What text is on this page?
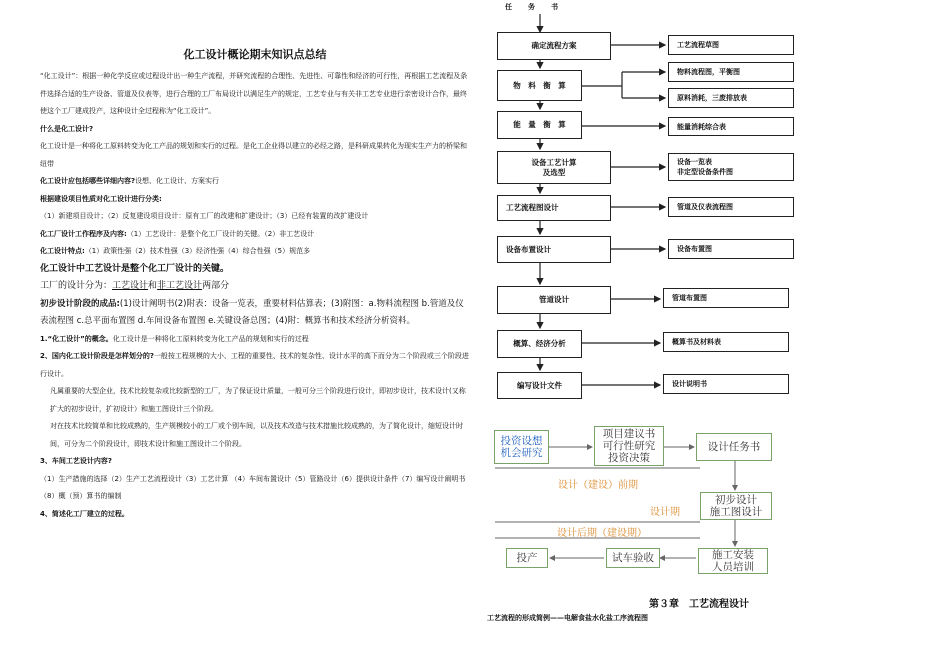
化工设计概论期末知识点总结

“化工设计”：根据一种化学反应或过程设计出一种生产流程，并研究流程的合理性、先进性、可靠性和经济的可行性，再根据工艺流程及条件选择合适的生产设备、管道及仪表等，进行合理的工厂布局设计以满足生产的规定，工艺专业与有关非工艺专业进行亲密设计合作，最终使这个工厂建成投产，这种设计全过程称为“化工设计”。

什么是化工设计?

化工设计是一种将化工原料转变为化工产品的规划和实行的过程。是化工企业得以建立的必经之路，是科研成果转化为现实生产力的桥梁和纽带

化工设计应包括哪些详细内容?设想、化工设计、方案实行

根据建设项目性质对化工设计进行分类:

（1）新建项目设计；（2）反复建设项目设计：原有工厂的改建和扩建设计；（3）已经有装置的改扩建设计

化工厂设计工作程序及内容:（1）工艺设计：是整个化工厂设计的关键。（2）非工艺设计

化工设计特点:（1）政策性强（2）技术性强（3）经济性强（4）综合性强（5）规范多

化工设计中工艺设计是整个化工厂设计的关键。

工厂的设计分为：工艺设计和非工艺设计两部分

初步设计阶段的成品:(1)设计阐明书(2)附表：设备一览表，重要材料估算表；(3)附图：a.物料流程图 b.管道及仪表流程图 c.总平面布置图 d.车间设备布置图 e.关键设备总图；(4)附：概算书和技术经济分析资料。

1.“化工设计”的概念。化工设计是一种将化工原料转变为化工产品的规划和实行的过程

2、国内化工设计阶段是怎样划分的?一般按工程规模的大小、工程的重要性、技术的复杂性、设计水平的高下而分为二个阶段或三个阶段进行设计。

凡属重要的大型企业，技术比较复杂或比较新型的工厂，为了保证设计质量，一般可分三个阶段进行设计，即初步设计，技术设计(又称扩大的初步设计，扩初设计）和施工图设计三个阶段。

对在技术比较简单和比较成熟的，生产规模较小的工厂或个别车间，以及技术改造与技术措施比较成熟的，为了简化设计，缩短设计时间，可分为二个阶段设计，即技术设计和施工图设计二个阶段。

3、车间工艺设计内容?

（1）生产措施的选择（2）生产工艺流程设计（3）工艺计算 （4）车间布置设计（5）管路设计（6）提供设计条件（7）编写设计阐明书 （8）概（预）算书的编制

4、简述化工厂建立的过程。

任务书
确定流程方案
物　料　衡　算
能　量　衡　算
设备工艺计算
及选型
工艺流程图设计
设备布置设计
管道设计
概算、经济分析
编写设计文件
工艺流程草图
物料流程图，平衡图
原料消耗，三废排放表
能量消耗综合表
设备一览表
非定型设备条件图
管道及仪表流程图
设备布置图
管道布置图
概算书及材料表
设计说明书
投资设想
机会研究
项目建议书
可行性研究
投资决策
设计任务书
初步设计
施工图设计
施工安装
人员培训
试车验收
投产
设计（建设）前期
设计期
设计后期（建设期）
第３章　工艺流程设计
工艺流程的形成简例——电解食盐水化盐工序流程图
